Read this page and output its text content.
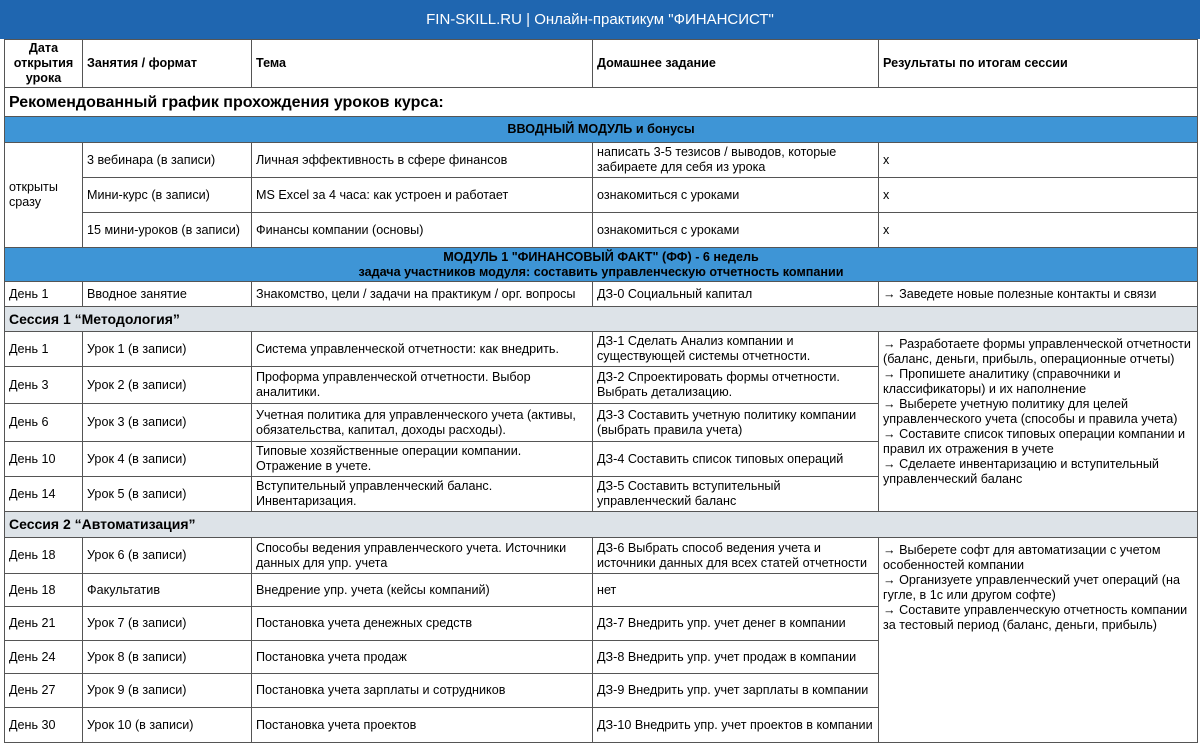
FIN-SKILL.RU | Онлайн-практикум "ФИНАНСИСТ"
Дата открытия урока	Занятия / формат	Тема	Домашнее задание	Результаты по итогам сессии
Рекомендованный график прохождения уроков курса:				
ВВОДНЫЙ МОДУЛЬ и бонусы				
открыты сразу	3 вебинара (в записи)	Личная эффективность в сфере финансов	написать 3-5 тезисов / выводов, которые забираете для себя из урока	x
	Мини-курс (в записи)	MS Excel за 4 часа: как устроен и работает	ознакомиться с уроками	x
	15 мини-уроков (в записи)	Финансы компании (основы)	ознакомиться с уроками	x

МОДУЛЬ 1 "ФИНАНСОВЫЙ ФАКТ" (ФФ) - 6 недель
задача участников модуля: составить управленческую отчетность компании				

День 1	Вводное занятие	Знакомство, цели / задачи на практикум / орг. вопросы	ДЗ-0 Социальный капитал	→ Заведете новые полезные контакты и связи
Сессия 1 “Методология”				
День 1	Урок 1 (в записи)	Система управленческой отчетности: как внедрить.	ДЗ-1 Сделать Анализ компании и существующей системы отчетности.	→ Разработаете формы управленческой отчетности (баланс, деньги, прибыль, операционные отчеты)
→ Пропишете аналитику (справочники и классификаторы) и их наполнение
→ Выберете учетную политику для целей управленческого учета (способы и правила учета)
→ Составите список типовых операции компании и правил их отражения в учете
→ Сделаете инвентаризацию и вступительный управленческий баланс
День 3	Урок 2 (в записи)	Проформа управленческой отчетности. Выбор аналитики.	ДЗ-2 Спроектировать формы отчетности. Выбрать детализацию.	
День 6	Урок 3 (в записи)	Учетная политика для управленческого учета (активы, обязательства, капитал, доходы расходы).	ДЗ-3 Составить учетную политику компании (выбрать правила учета)	
День 10	Урок 4 (в записи)	Типовые хозяйственные операции компании. Отражение в учете.	ДЗ-4 Составить список типовых операций	
День 14	Урок 5 (в записи)	Вступительный управленческий баланс. Инвентаризация.	ДЗ-5 Составить вступительный управленческий баланс	
Сессия 2 “Автоматизация”				
День 18	Урок 6 (в записи)	Способы ведения управленческого учета. Источники данных для упр. учета	ДЗ-6 Выбрать способ ведения учета и источники данных для всех статей отчетности	→ Выберете софт для автоматизации с учетом особенностей компании
→ Организуете управленческий учет операций (на гугле, в 1с или другом софте)
→ Составите управленческую отчетность компании за тестовый период (баланс, деньги, прибыль)
День 18	Факультатив	Внедрение упр. учета (кейсы компаний)	нет	
День 21	Урок 7 (в записи)	Постановка учета денежных средств	ДЗ-7 Внедрить упр. учет денег в компании	
День 24	Урок 8 (в записи)	Постановка учета продаж	ДЗ-8 Внедрить упр. учет продаж в компании	
День 27	Урок 9 (в записи)	Постановка учета зарплаты и сотрудников	ДЗ-9 Внедрить упр. учет зарплаты в компании	
День 30	Урок 10 (в записи)	Постановка учета проектов	ДЗ-10 Внедрить упр. учет проектов в компании	
